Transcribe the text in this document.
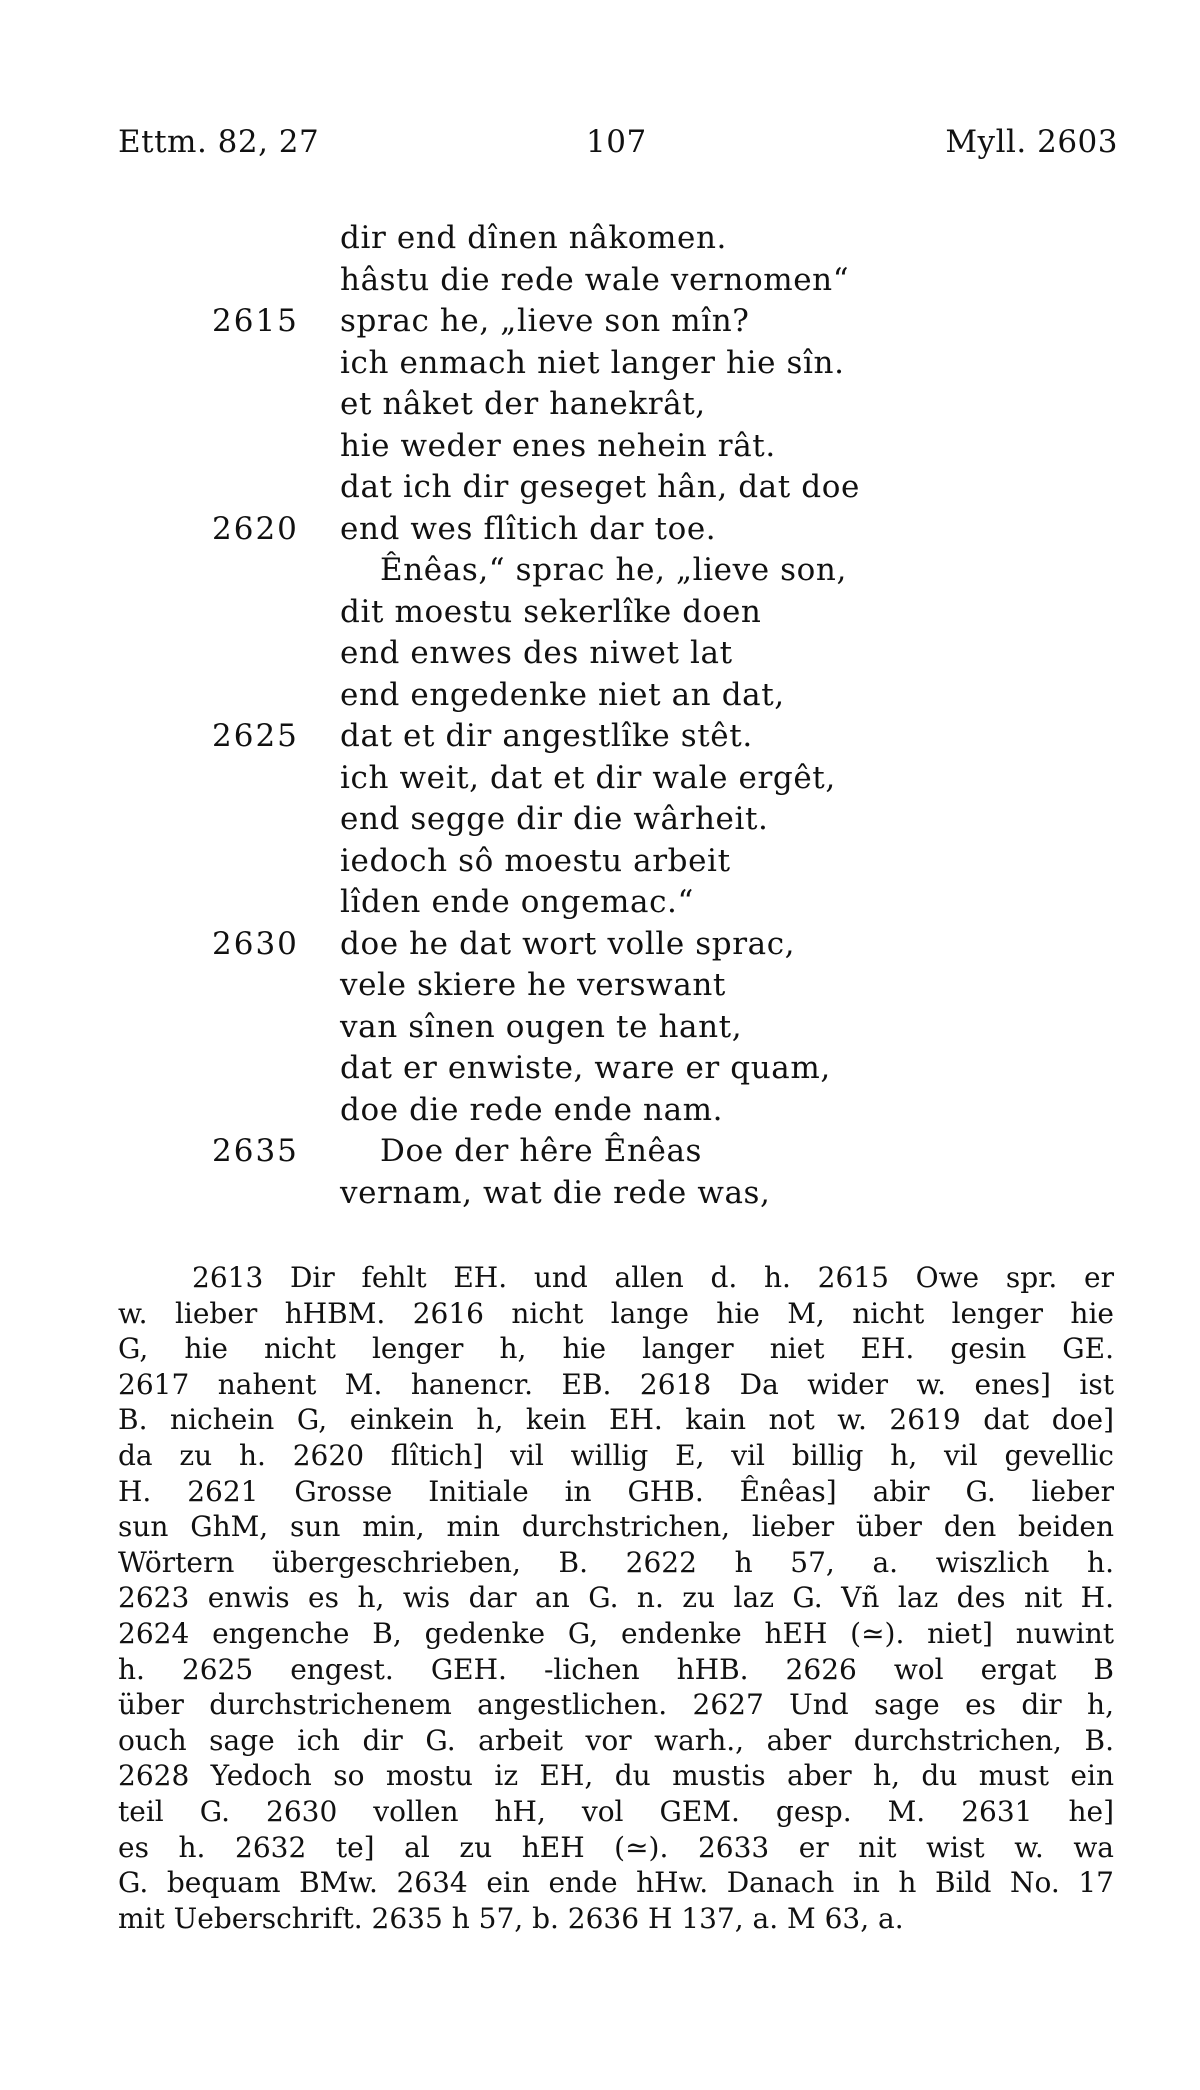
Ettm. 82, 27	107	Myll. 2603
dir end dînen nâkomen.
hâstu die rede wale vernomen“
2615 sprac he, „lieve son mîn?
ich enmach niet langer hie sîn.
et nâket der hanekrât,
hie weder enes nehein rât.
dat ich dir geseget hân, dat doe
2620 end wes flîtich dar toe.
Ênêas,“ sprac he, „lieve son,
dit moestu sekerlîke doen
end enwes des niwet lat
end engedenke niet an dat,
2625 dat et dir angestlîke stêt.
ich weit, dat et dir wale ergêt,
end segge dir die wârheit.
iedoch sô moestu arbeit
lîden ende ongemac.“
2630 doe he dat wort volle sprac,
vele skiere he verswant
van sînen ougen te hant,
dat er enwiste, ware er quam,
doe die rede ende nam.
2635	Doe der hêre Ênêas
vernam, wat die rede was,
2613 Dir fehlt EH. und allen d. h. 2615 Owe spr. er
w. lieber hHBM. 2616 nicht lange hie M, nicht lenger hie
G, hie nicht lenger h, hie langer niet EH. gesin GE.
2617 nahent M. hanencr. EB. 2618 Da wider w. enes] ist
B. nichein G, einkein h, kein EH. kain not w. 2619 dat doe]
da zu h. 2620 flîtich] vil willig E, vil billig h, vil gevellic
H. 2621 Grosse Initiale in GHB. Ênêas] abir G. lieber
sun GhM, sun min, min durchstrichen, lieber über den beiden
Wörtern übergeschrieben, B. 2622 h 57, a. wiszlich h.
2623 enwis es h, wis dar an G. n. zu laz G. Vñ laz des nit H.
2624 engenche B, gedenke G, endenke hEH (≃). niet] nuwint
h. 2625 engest. GEH. -lichen hHB. 2626 wol ergat B
über durchstrichenem angestlichen. 2627 Und sage es dir h,
ouch sage ich dir G. arbeit vor warh., aber durchstrichen, B.
2628 Yedoch so mostu iz EH, du mustis aber h, du must ein
teil G. 2630 vollen hH, vol GEM. gesp. M. 2631 he]
es h. 2632 te] al zu hEH (≃). 2633 er nit wist w. wa
G. bequam BMw. 2634 ein ende hHw. Danach in h Bild No. 17
mit Ueberschrift. 2635 h 57, b. 2636 H 137, a. M 63, a.
